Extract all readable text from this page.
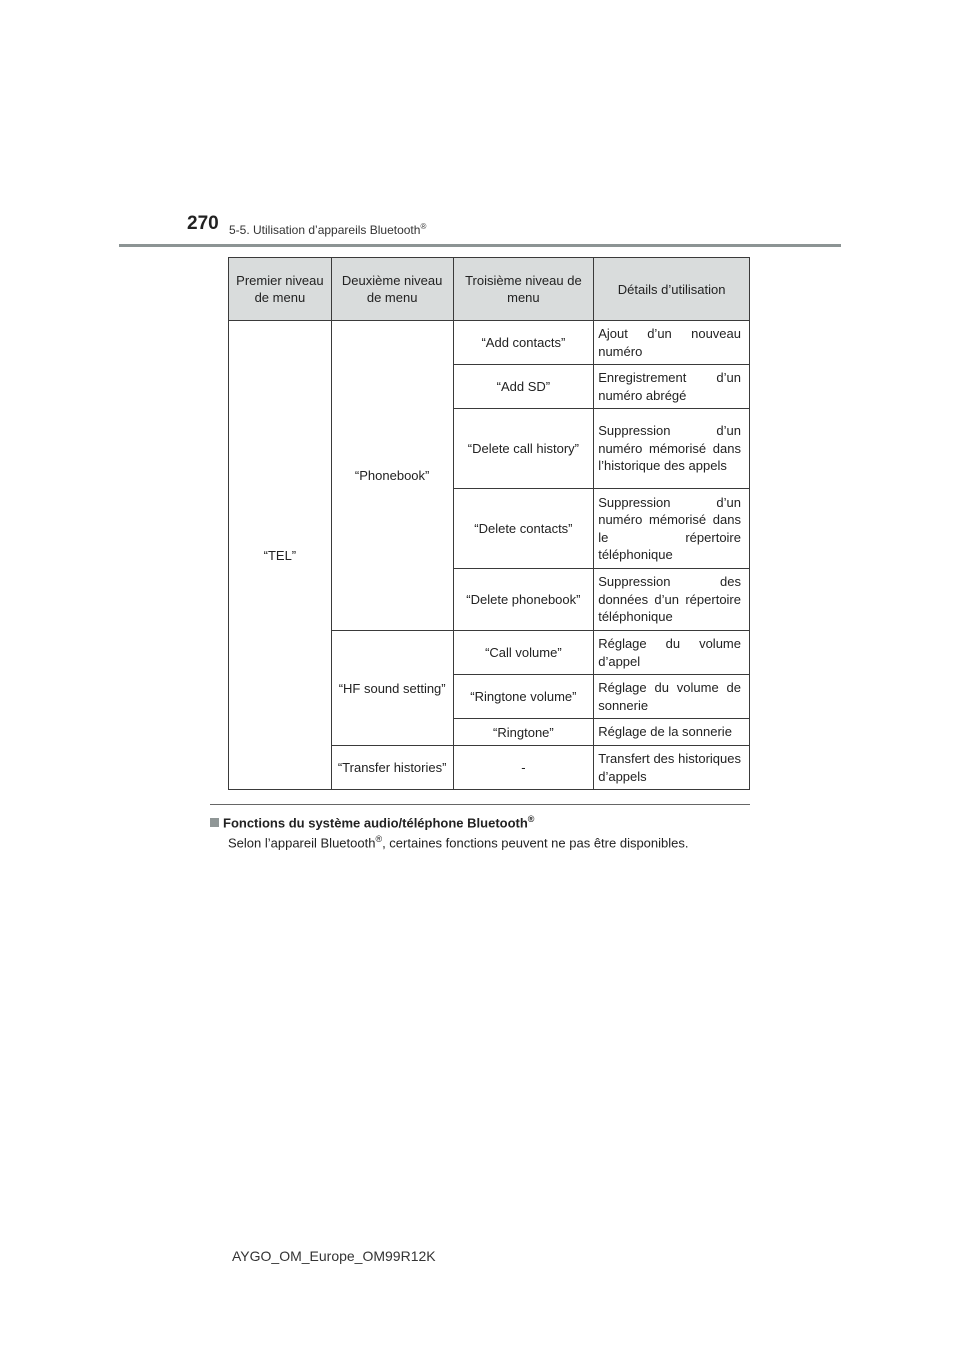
270 5-5. Utilisation d’appareils Bluetooth®
Premier niveau de menu	Deuxième niveau de menu	Troisième niveau de menu	Détails d’utilisation
“TEL”	“Phonebook”	“Add contacts”	Ajout d’un nouveau numéro
		“Add SD”	Enregistrement d’un numéro abrégé
		“Delete call history”	Suppression d’un numéro mémorisé dans l’historique des appels
		“Delete contacts”	Suppression d’un numéro mémorisé dans le répertoire téléphonique
		“Delete phonebook”	Suppression des données d’un répertoire téléphonique
	“HF sound setting”	“Call volume”	Réglage du volume d’appel
		“Ringtone volume”	Réglage du volume de sonnerie
		“Ringtone”	Réglage de la sonnerie
	“Transfer histories”	-	Transfert des historiques d’appels
Fonctions du système audio/téléphone Bluetooth®
Selon l’appareil Bluetooth®, certaines fonctions peuvent ne pas être disponibles.
AYGO_OM_Europe_OM99R12K
